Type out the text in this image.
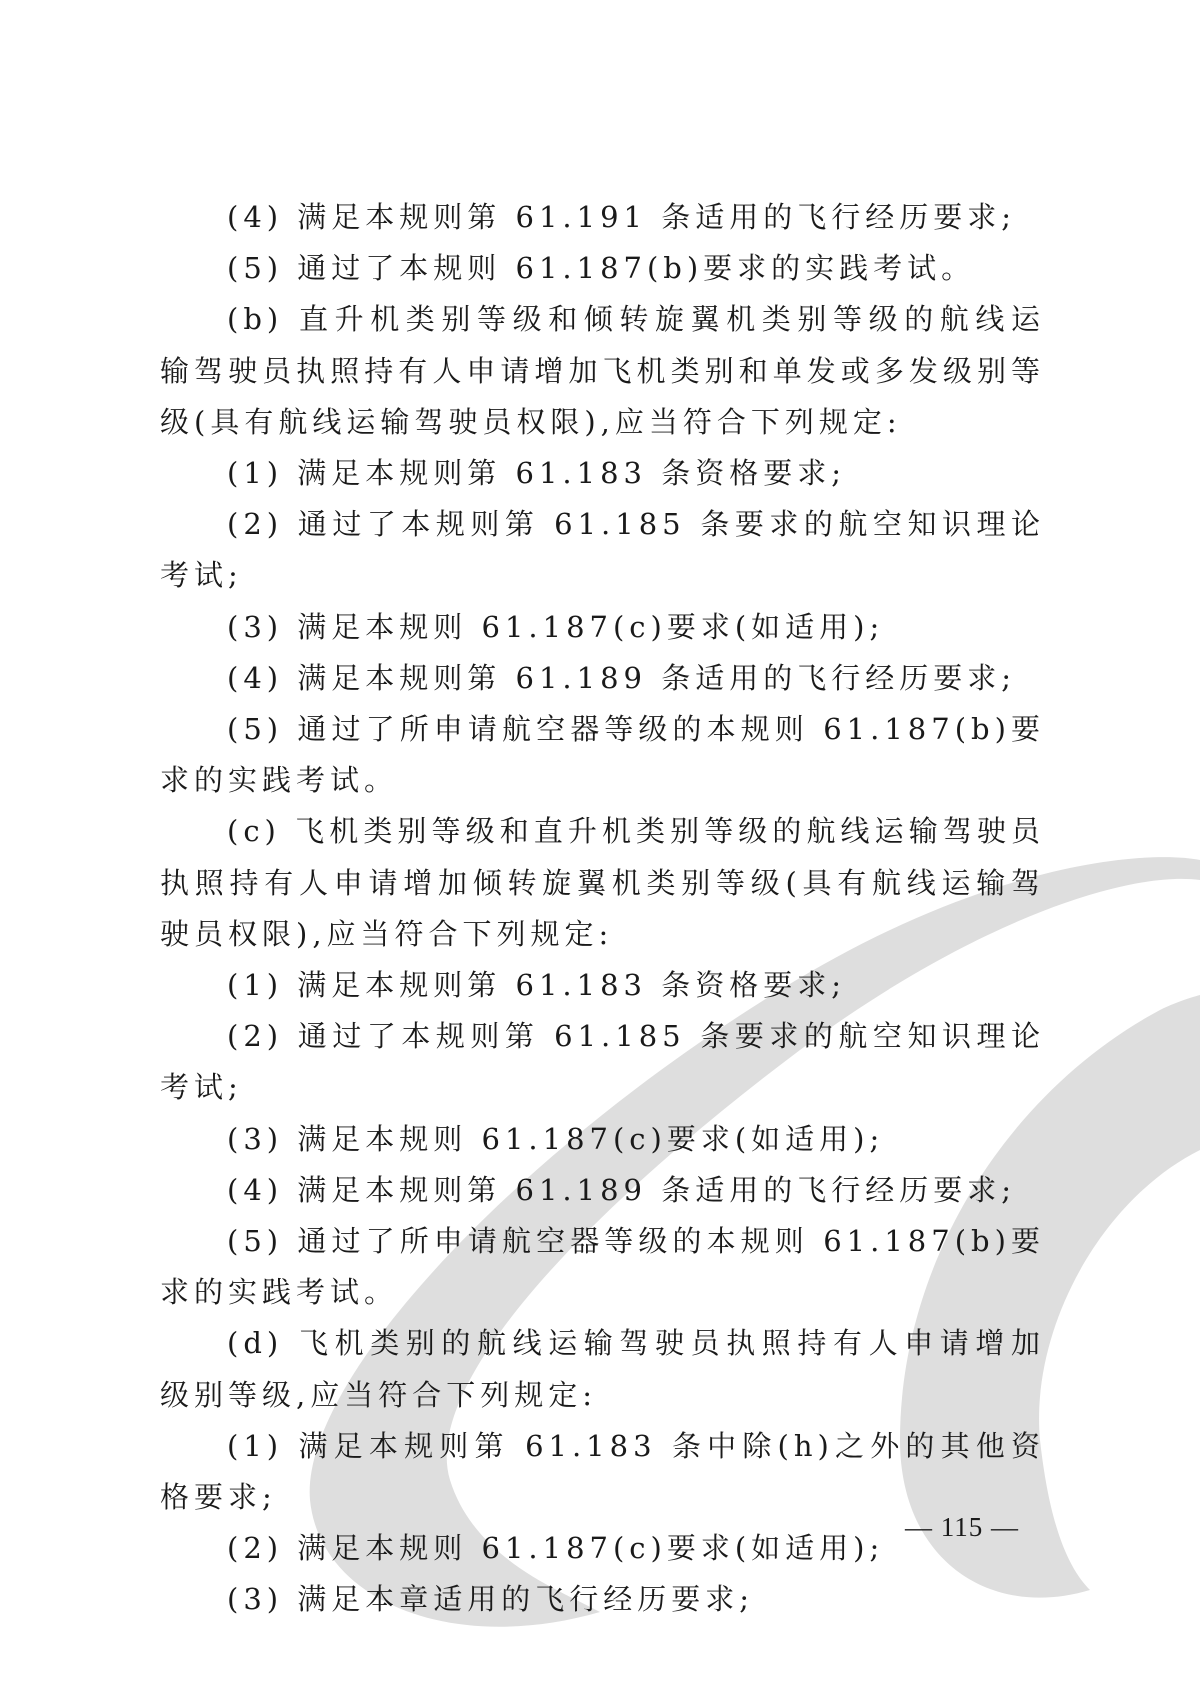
(4) 满足本规则第 61.191 条适用的飞行经历要求;

(5) 通过了本规则 61.187(b)要求的实践考试。

(b) 直升机类别等级和倾转旋翼机类别等级的航线运输驾驶员执照持有人申请增加飞机类别和单发或多发级别等级(具有航线运输驾驶员权限),应当符合下列规定:

(1) 满足本规则第 61.183 条资格要求;

(2) 通过了本规则第 61.185 条要求的航空知识理论考试;

(3) 满足本规则 61.187(c)要求(如适用);

(4) 满足本规则第 61.189 条适用的飞行经历要求;

(5) 通过了所申请航空器等级的本规则 61.187(b)要求的实践考试。

(c) 飞机类别等级和直升机类别等级的航线运输驾驶员执照持有人申请增加倾转旋翼机类别等级(具有航线运输驾驶员权限),应当符合下列规定:

(1) 满足本规则第 61.183 条资格要求;

(2) 通过了本规则第 61.185 条要求的航空知识理论考试;

(3) 满足本规则 61.187(c)要求(如适用);

(4) 满足本规则第 61.189 条适用的飞行经历要求;

(5) 通过了所申请航空器等级的本规则 61.187(b)要求的实践考试。

(d) 飞机类别的航线运输驾驶员执照持有人申请增加级别等级,应当符合下列规定:

(1) 满足本规则第 61.183 条中除(h)之外的其他资格要求;

(2) 满足本规则 61.187(c)要求(如适用);

(3) 满足本章适用的飞行经历要求;

— 115 —
